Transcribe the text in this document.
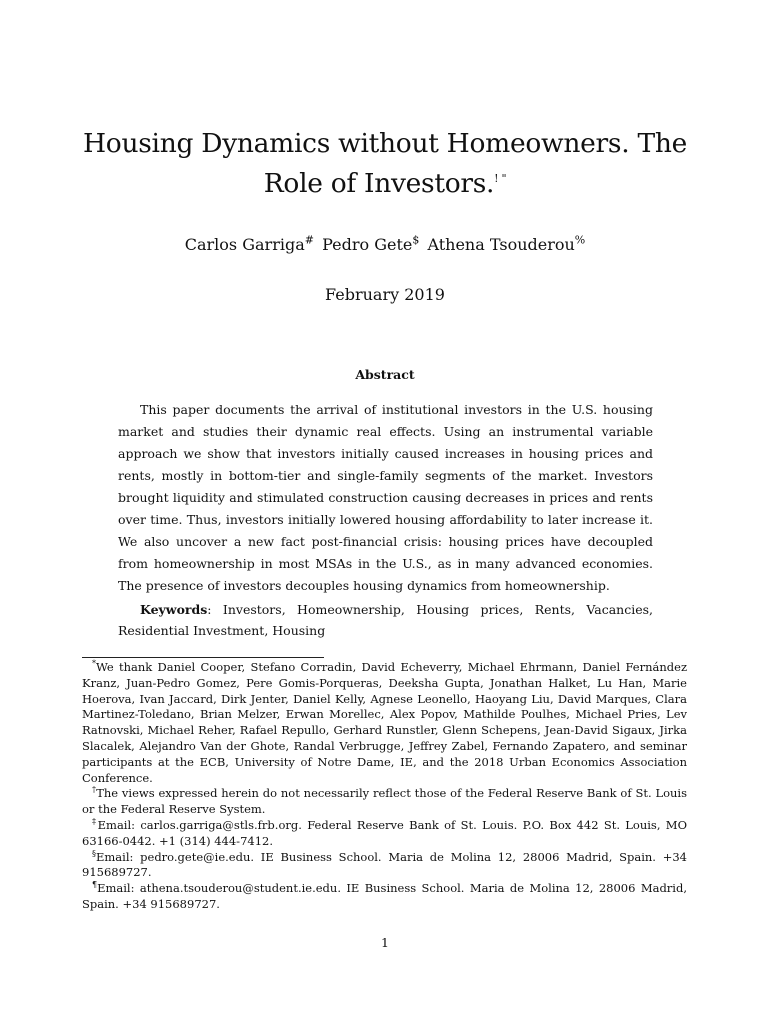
Housing Dynamics without Homeowners. The Role of Investors.! "
Carlos Garriga# Pedro Gete$ Athena Tsouderou%
February 2019
Abstract

This paper documents the arrival of institutional investors in the U.S. housing market and studies their dynamic real effects. Using an instrumental variable approach we show that investors initially caused increases in housing prices and rents, mostly in bottom-tier and single-family segments of the market. Investors brought liquidity and stimulated construction causing decreases in prices and rents over time. Thus, investors initially lowered housing affordability to later increase it. We also uncover a new fact post-financial crisis: housing prices have decoupled from homeownership in most MSAs in the U.S., as in many advanced economies. The presence of investors decouples housing dynamics from homeownership.

Keywords: Investors, Homeownership, Housing prices, Rents, Vacancies, Residential Investment, Housing

*We thank Daniel Cooper, Stefano Corradin, David Echeverry, Michael Ehrmann, Daniel Fernández Kranz, Juan-Pedro Gomez, Pere Gomis-Porqueras, Deeksha Gupta, Jonathan Halket, Lu Han, Marie Hoerova, Ivan Jaccard, Dirk Jenter, Daniel Kelly, Agnese Leonello, Haoyang Liu, David Marques, Clara Martinez-Toledano, Brian Melzer, Erwan Morellec, Alex Popov, Mathilde Poulhes, Michael Pries, Lev Ratnovski, Michael Reher, Rafael Repullo, Gerhard Runstler, Glenn Schepens, Jean-David Sigaux, Jirka Slacalek, Alejandro Van der Ghote, Randal Verbrugge, Jeffrey Zabel, Fernando Zapatero, and seminar participants at the ECB, University of Notre Dame, IE, and the 2018 Urban Economics Association Conference.

†The views expressed herein do not necessarily reflect those of the Federal Reserve Bank of St. Louis or the Federal Reserve System.

‡Email: carlos.garriga@stls.frb.org. Federal Reserve Bank of St. Louis. P.O. Box 442 St. Louis, MO 63166-0442. +1 (314) 444-7412.

§Email: pedro.gete@ie.edu. IE Business School. Maria de Molina 12, 28006 Madrid, Spain. +34 915689727.

¶Email: athena.tsouderou@student.ie.edu. IE Business School. Maria de Molina 12, 28006 Madrid, Spain. +34 915689727.

1
